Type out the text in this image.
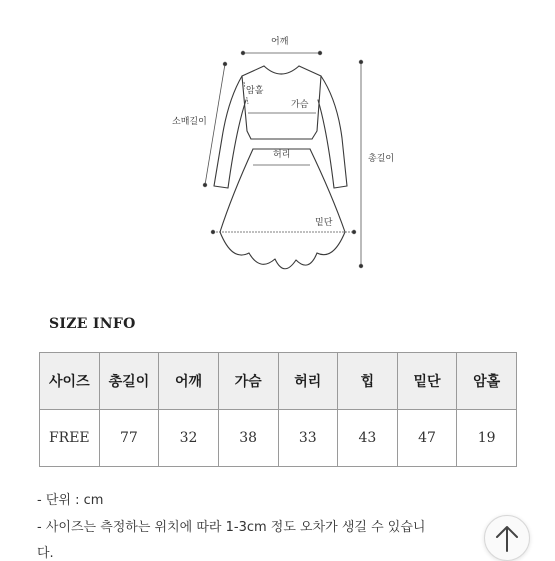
어깨
암홀
가슴
소매길이
허리	총길이
밑단
SIZE INFO
사이즈	총길이	어깨	가슴	허리	힙	밑단	암홀
FREE	77	32	38	33	43	47	19
- 단위 : cm
- 사이즈는 측정하는 위치에 따라 1-3cm 정도 오차가 생길 수 있습니
다.
